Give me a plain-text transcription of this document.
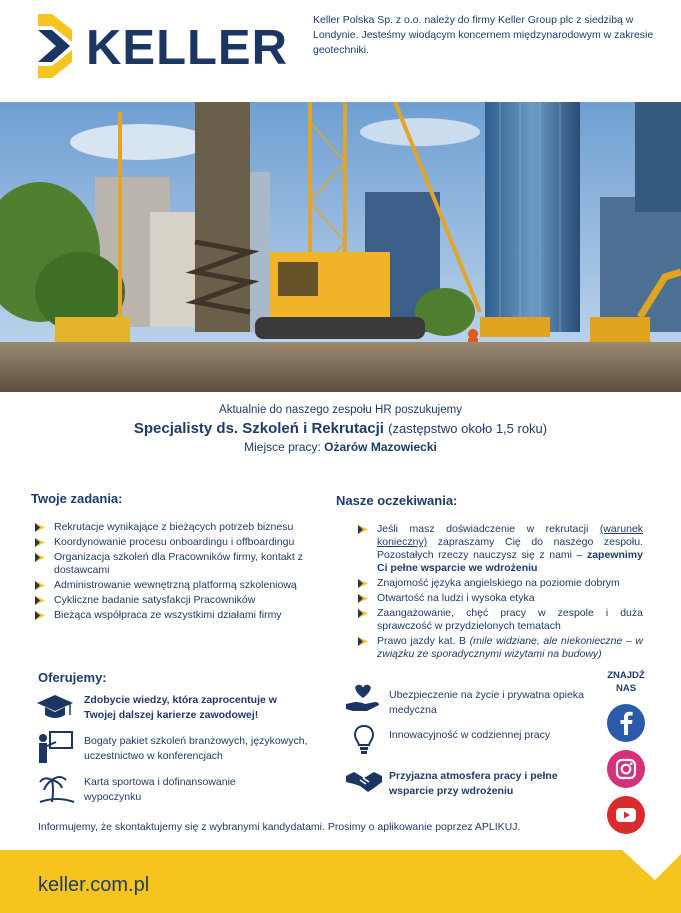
KELLER
Keller Polska Sp. z o.o. należy do firmy Keller Group plc z siedzibą w Londynie. Jesteśmy wiodącym koncernem międzynarodowym w zakresie geotechniki.
Aktualnie do naszego zespołu HR poszukujemy
Specjalisty ds. Szkoleń i Rekrutacji (zastępstwo około 1,5 roku)
Miejsce pracy: Ożarów Mazowiecki
Twoje zadania:
Rekrutacje wynikające z bieżących potrzeb biznesu
Koordynowanie procesu onboardingu i offboardingu
Organizacja szkoleń dla Pracowników firmy, kontakt z dostawcami
Administrowanie wewnętrzną platformą szkoleniową
Cykliczne badanie satysfakcji Pracowników
Bieżąca współpraca ze wszystkimi działami firmy
Nasze oczekiwania:
Jeśli masz doświadczenie w rekrutacji (warunek konieczny) zapraszamy Cię do naszego zespołu. Pozostałych rzeczy nauczysz się z nami – zapewnimy Ci pełne wsparcie we wdrożeniu
Znajomość języka angielskiego na poziomie dobrym
Otwartość na ludzi i wysoka etyka
Zaangażowanie, chęć pracy w zespole i duża sprawczość w przydzielonych tematach
Prawo jazdy kat. B (mile widziane, ale niekonieczne – w związku ze sporadycznymi wizytami na budowy)
Oferujemy:
Zdobycie wiedzy, która zaprocentuje w Twojej dalszej karierze zawodowej!
Bogaty pakiet szkoleń branżowych, językowych, uczestnictwo w konferencjach
Karta sportowa i dofinansowanie wypoczynku
Ubezpieczenie na życie i prywatna opieka medyczna
Innowacyjność w codziennej pracy
Przyjazna atmosfera pracy i pełne wsparcie przy wdrożeniu
ZNAJDŹ NAS
Informujemy, że skontaktujemy się z wybranymi kandydatami. Prosimy o aplikowanie poprzez APLIKUJ.
keller.com.pl
